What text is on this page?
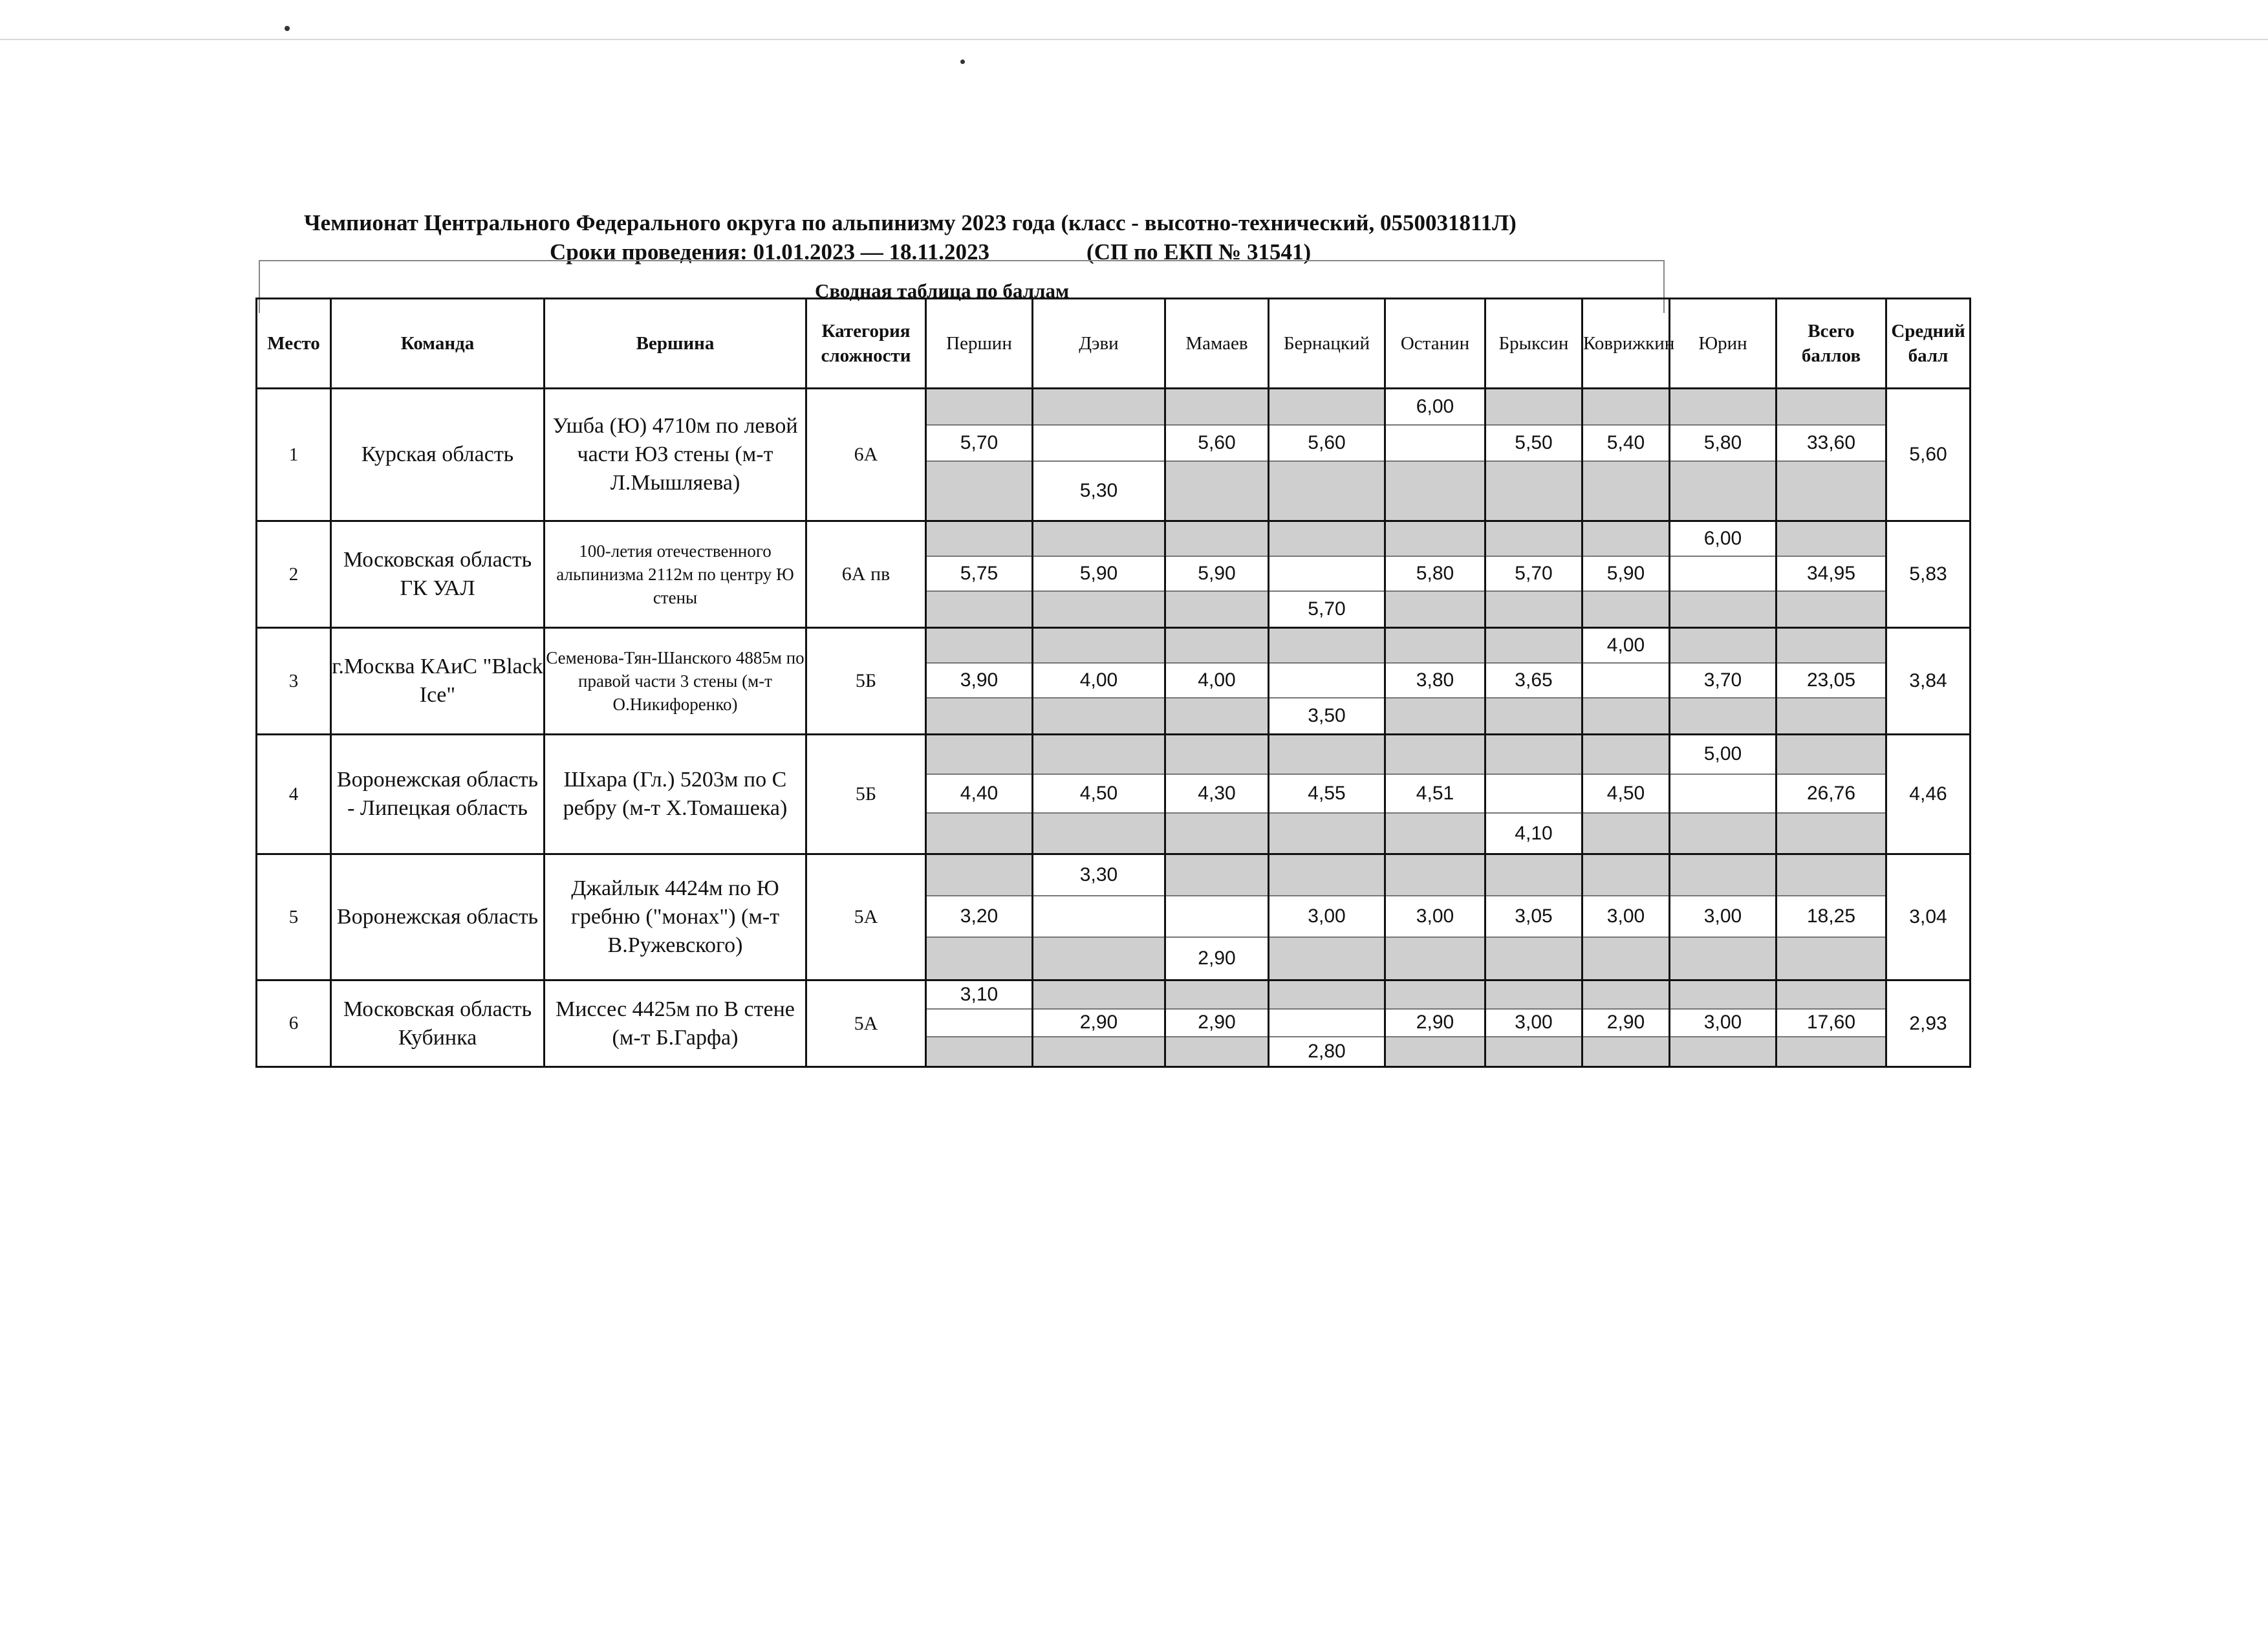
Чемпионат Центрального Федерального округа по альпинизму 2023 года (класс - высотно-технический, 0550031811Л)
Сроки проведения: 01.01.2023 — 18.11.2023	(СП по ЕКП № 31541)
Сводная таблица по баллам
Место	Команда	Вершина	Категория сложности	Першин	Дэви	Мамаев	Бернацкий	Останин	Брыксин	Коврижкин	Юрин	Всего баллов	Средний балл
1	Курская область	Ушба (Ю) 4710м по левой части ЮЗ стены (м-т Л.Мышляева)	6А	5,70	5,30	5,60	5,60	6,00	5,50	5,40	5,80	33,60	5,60
2	Московская область ГК УАЛ	100-летия отечественного альпинизма 2112м по центру Ю стены	6А пв	5,75	5,90	5,90	5,70	5,80	5,70	5,90	6,00	34,95	5,83
3	г.Москва КАиС "Black Ice"	Семенова-Тян-Шанского 4885м по правой части 3 стены (м-т О.Никифоренко)	5Б	3,90	4,00	4,00	3,50	3,80	3,65	4,00	3,70	23,05	3,84
4	Воронежская область - Липецкая область	Шхара (Гл.) 5203м по С ребру (м-т Х.Томашека)	5Б	4,40	4,50	4,30	4,55	4,51	4,10	4,50	5,00	26,76	4,46
5	Воронежская область	Джайлык 4424м по Ю гребню ("монах") (м-т В.Ружевского)	5А	3,20	3,30	2,90	3,00	3,00	3,05	3,00	3,00	18,25	3,04
6	Московская область Кубинка	Миссес 4425м по В стене (м-т Б.Гарфа)	5А	3,10	2,90	2,90	2,80	2,90	3,00	2,90	3,00	17,60	2,93
